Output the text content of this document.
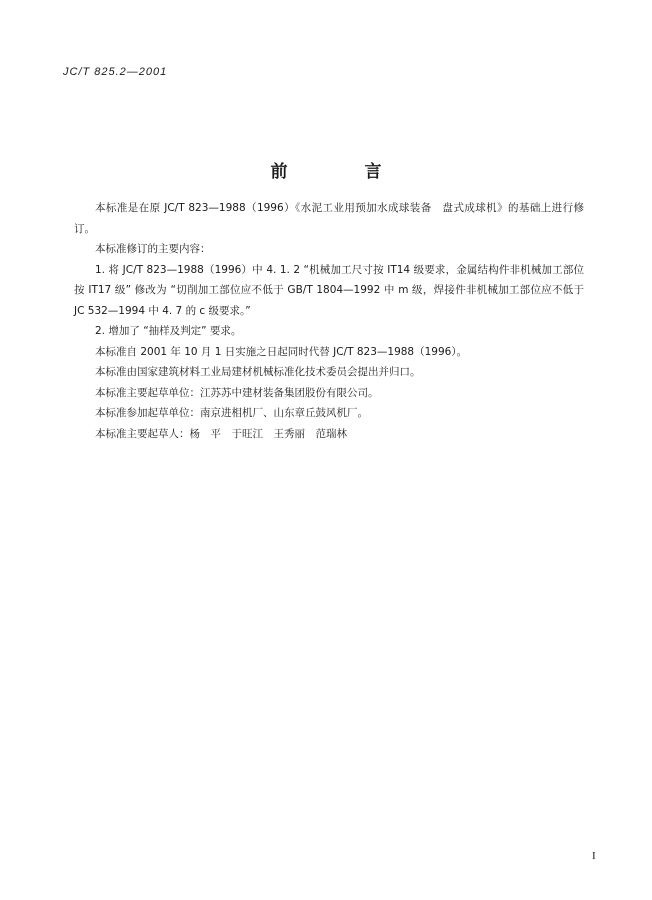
JC/T 825.2—2001
前　言

本标准是在原 JC/T 823—1988（1996）《水泥工业用预加水成球装备　盘式成球机》的基础上进行修订。

本标准修订的主要内容：

1. 将 JC/T 823—1988（1996）中 4. 1. 2 “机械加工尺寸按 IT14 级要求，金属结构件非机械加工部位按 IT17 级” 修改为 “切削加工部位应不低于 GB/T 1804—1992 中 m 级，焊接件非机械加工部位应不低于 JC 532—1994 中 4. 7 的 c 级要求。”

2. 增加了 “抽样及判定” 要求。

本标准自 2001 年 10 月 1 日实施之日起同时代替 JC/T 823—1988（1996）。

本标准由国家建筑材料工业局建材机械标准化技术委员会提出并归口。

本标准主要起草单位：江苏苏中建材装备集团股份有限公司。

本标准参加起草单位：南京进相机厂、山东章丘鼓风机厂。

本标准主要起草人：杨　平　于旺江　王秀丽　范瑞林

I
